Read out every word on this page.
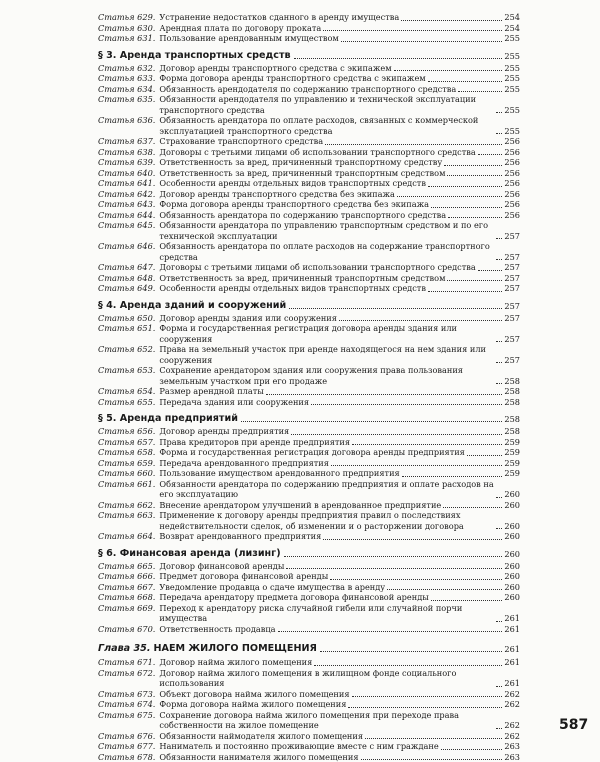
Статья 629. Устранение недостатков сданного в аренду имущества	254
Статья 630. Арендная плата по договору проката	254
Статья 631. Пользование арендованным имуществом	255
§ 3. Аренда транспортных средств	255
Статья 632. Договор аренды транспортного средства с экипажем	255
Статья 633. Форма договора аренды транспортного средства с экипажем	255
Статья 634. Обязанность арендодателя по содержанию транспортного средства	255
Статья 635. Обязанности арендодателя по управлению и технической эксплуатации транспортного средства	255
Статья 636. Обязанность арендатора по оплате расходов, связанных с коммерческой эксплуатацией транспортного средства	255
Статья 637. Страхование транспортного средства	256
Статья 638. Договоры с третьими лицами об использовании транспортного средства	256
Статья 639. Ответственность за вред, причиненный транспортному средству	256
Статья 640. Ответственность за вред, причиненный транспортным средством	256
Статья 641. Особенности аренды отдельных видов транспортных средств	256
Статья 642. Договор аренды транспортного средства без экипажа	256
Статья 643. Форма договора аренды транспортного средства без экипажа	256
Статья 644. Обязанность арендатора по содержанию транспортного средства	256
Статья 645. Обязанности арендатора по управлению транспортным средством и по его технической эксплуатации	257
Статья 646. Обязанность арендатора по оплате расходов на содержание транспортного средства	257
Статья 647. Договоры с третьими лицами об использовании транспортного средства	257
Статья 648. Ответственность за вред, причиненный транспортным средством	257
Статья 649. Особенности аренды отдельных видов транспортных средств	257
§ 4. Аренда зданий и сооружений	257
Статья 650. Договор аренды здания или сооружения	257
Статья 651. Форма и государственная регистрация договора аренды здания или сооружения	257
Статья 652. Права на земельный участок при аренде находящегося на нем здания или сооружения	257
Статья 653. Сохранение арендатором здания или сооружения права пользования земельным участком при его продаже	258
Статья 654. Размер арендной платы	258
Статья 655. Передача здания или сооружения	258
§ 5. Аренда предприятий	258
Статья 656. Договор аренды предприятия	258
Статья 657. Права кредиторов при аренде предприятия	259
Статья 658. Форма и государственная регистрация договора аренды предприятия	259
Статья 659. Передача арендованного предприятия	259
Статья 660. Пользование имуществом арендованного предприятия	259
Статья 661. Обязанности арендатора по содержанию предприятия и оплате расходов на его эксплуатацию	260
Статья 662. Внесение арендатором улучшений в арендованное предприятие	260
Статья 663. Применение к договору аренды предприятия правил о последствиях недействительности сделок, об изменении и о расторжении договора	260
Статья 664. Возврат арендованного предприятия	260
§ 6. Финансовая аренда (лизинг)	260
Статья 665. Договор финансовой аренды	260
Статья 666. Предмет договора финансовой аренды	260
Статья 667. Уведомление продавца о сдаче имущества в аренду	260
Статья 668. Передача арендатору предмета договора финансовой аренды	260
Статья 669. Переход к арендатору риска случайной гибели или случайной порчи имущества	261
Статья 670. Ответственность продавца	261
Глава 35. НАЕМ ЖИЛОГО ПОМЕЩЕНИЯ	261
Статья 671. Договор найма жилого помещения	261
Статья 672. Договор найма жилого помещения в жилищном фонде социального использования	261
Статья 673. Объект договора найма жилого помещения	262
Статья 674. Форма договора найма жилого помещения	262
Статья 675. Сохранение договора найма жилого помещения при переходе права собственности на жилое помещение	262
Статья 676. Обязанности наймодателя жилого помещения	262
Статья 677. Наниматель и постоянно проживающие вместе с ним граждане	263
Статья 678. Обязанности нанимателя жилого помещения	263
587
